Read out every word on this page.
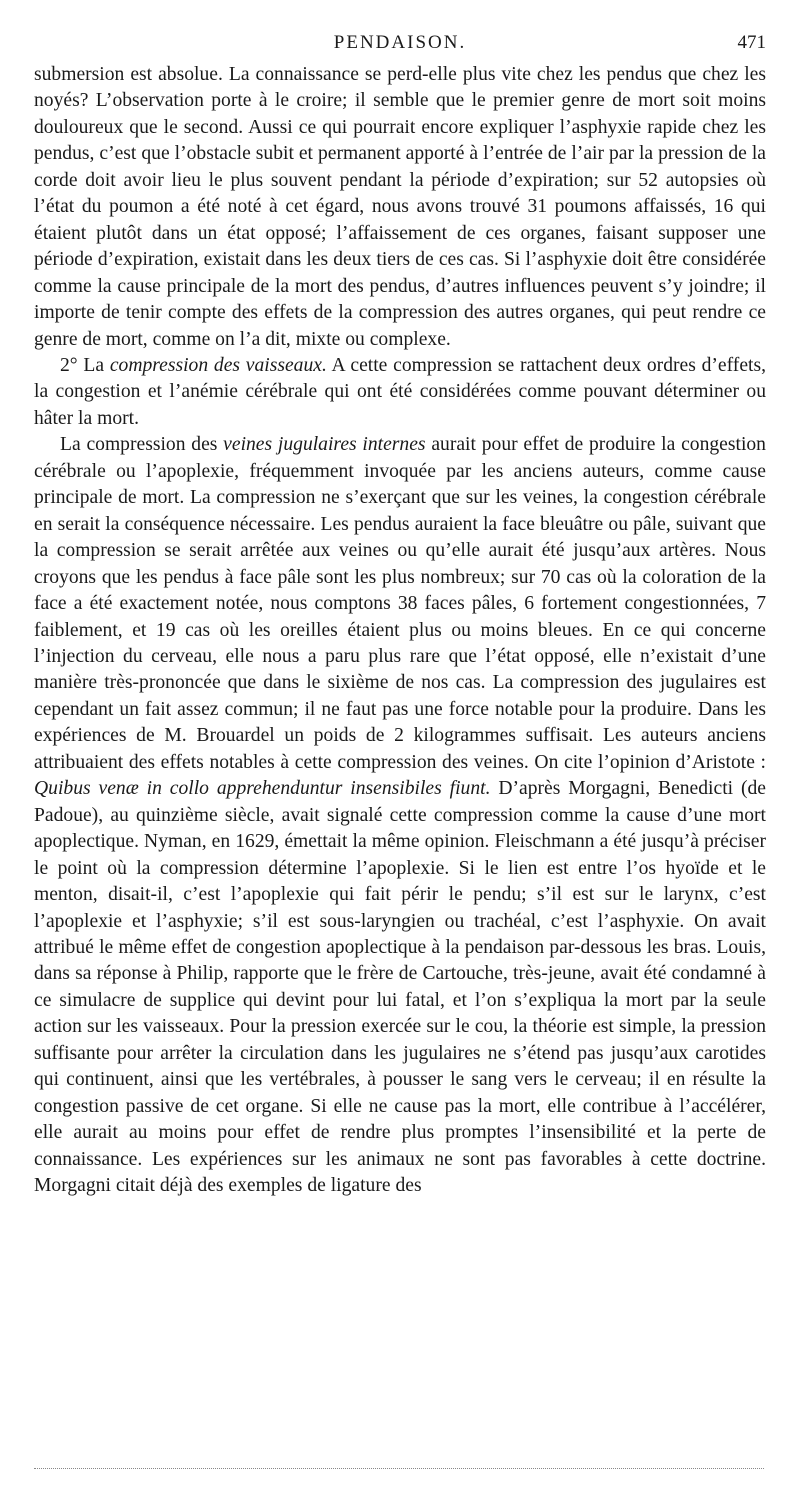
PENDAISON.	471

submersion est absolue. La connaissance se perd-elle plus vite chez les pendus que chez les noyés? L’observation porte à le croire; il semble que le premier genre de mort soit moins douloureux que le second. Aussi ce qui pourrait encore expliquer l’asphyxie rapide chez les pendus, c’est que l’obstacle subit et permanent apporté à l’entrée de l’air par la pression de la corde doit avoir lieu le plus souvent pendant la période d’expiration; sur 52 autopsies où l’état du poumon a été noté à cet égard, nous avons trouvé 31 poumons affaissés, 16 qui étaient plutôt dans un état opposé; l’affaissement de ces organes, faisant supposer une période d’expiration, existait dans les deux tiers de ces cas. Si l’asphyxie doit être considérée comme la cause principale de la mort des pendus, d’autres influences peuvent s’y joindre; il importe de tenir compte des effets de la compression des autres organes, qui peut rendre ce genre de mort, comme on l’a dit, mixte ou complexe.

2° La compression des vaisseaux. A cette compression se rattachent deux ordres d’effets, la congestion et l’anémie cérébrale qui ont été considérées comme pouvant déterminer ou hâter la mort.

La compression des veines jugulaires internes aurait pour effet de produire la congestion cérébrale ou l’apoplexie, fréquemment invoquée par les anciens auteurs, comme cause principale de mort. La compression ne s’exerçant que sur les veines, la congestion cérébrale en serait la conséquence nécessaire. Les pendus auraient la face bleuâtre ou pâle, suivant que la compression se serait arrêtée aux veines ou qu’elle aurait été jusqu’aux artères. Nous croyons que les pendus à face pâle sont les plus nombreux; sur 70 cas où la coloration de la face a été exactement notée, nous comptons 38 faces pâles, 6 fortement congestionnées, 7 faiblement, et 19 cas où les oreilles étaient plus ou moins bleues. En ce qui concerne l’injection du cerveau, elle nous a paru plus rare que l’état opposé, elle n’existait d’une manière très-prononcée que dans le sixième de nos cas. La compression des jugulaires est cependant un fait assez commun; il ne faut pas une force notable pour la produire. Dans les expériences de M. Brouardel un poids de 2 kilogrammes suffisait. Les auteurs anciens attribuaient des effets notables à cette compression des veines. On cite l’opinion d’Aristote : Quibus venæ in collo apprehenduntur insensibiles fiunt. D’après Morgagni, Benedicti (de Padoue), au quinzième siècle, avait signalé cette compression comme la cause d’une mort apoplectique. Nyman, en 1629, émettait la même opinion. Fleischmann a été jusqu’à préciser le point où la compression détermine l’apoplexie. Si le lien est entre l’os hyoïde et le menton, disait-il, c’est l’apoplexie qui fait périr le pendu; s’il est sur le larynx, c’est l’apoplexie et l’asphyxie; s’il est sous-laryngien ou trachéal, c’est l’asphyxie. On avait attribué le même effet de congestion apoplectique à la pendaison par-dessous les bras. Louis, dans sa réponse à Philip, rapporte que le frère de Cartouche, très-jeune, avait été condamné à ce simulacre de supplice qui devint pour lui fatal, et l’on s’expliqua la mort par la seule action sur les vaisseaux. Pour la pression exercée sur le cou, la théorie est simple, la pression suffisante pour arrêter la circulation dans les jugulaires ne s’étend pas jusqu’aux carotides qui continuent, ainsi que les vertébrales, à pousser le sang vers le cerveau; il en résulte la congestion passive de cet organe. Si elle ne cause pas la mort, elle contribue à l’accélérer, elle aurait au moins pour effet de rendre plus promptes l’insensibilité et la perte de connaissance. Les expériences sur les animaux ne sont pas favorables à cette doctrine. Morgagni citait déjà des exemples de ligature des
